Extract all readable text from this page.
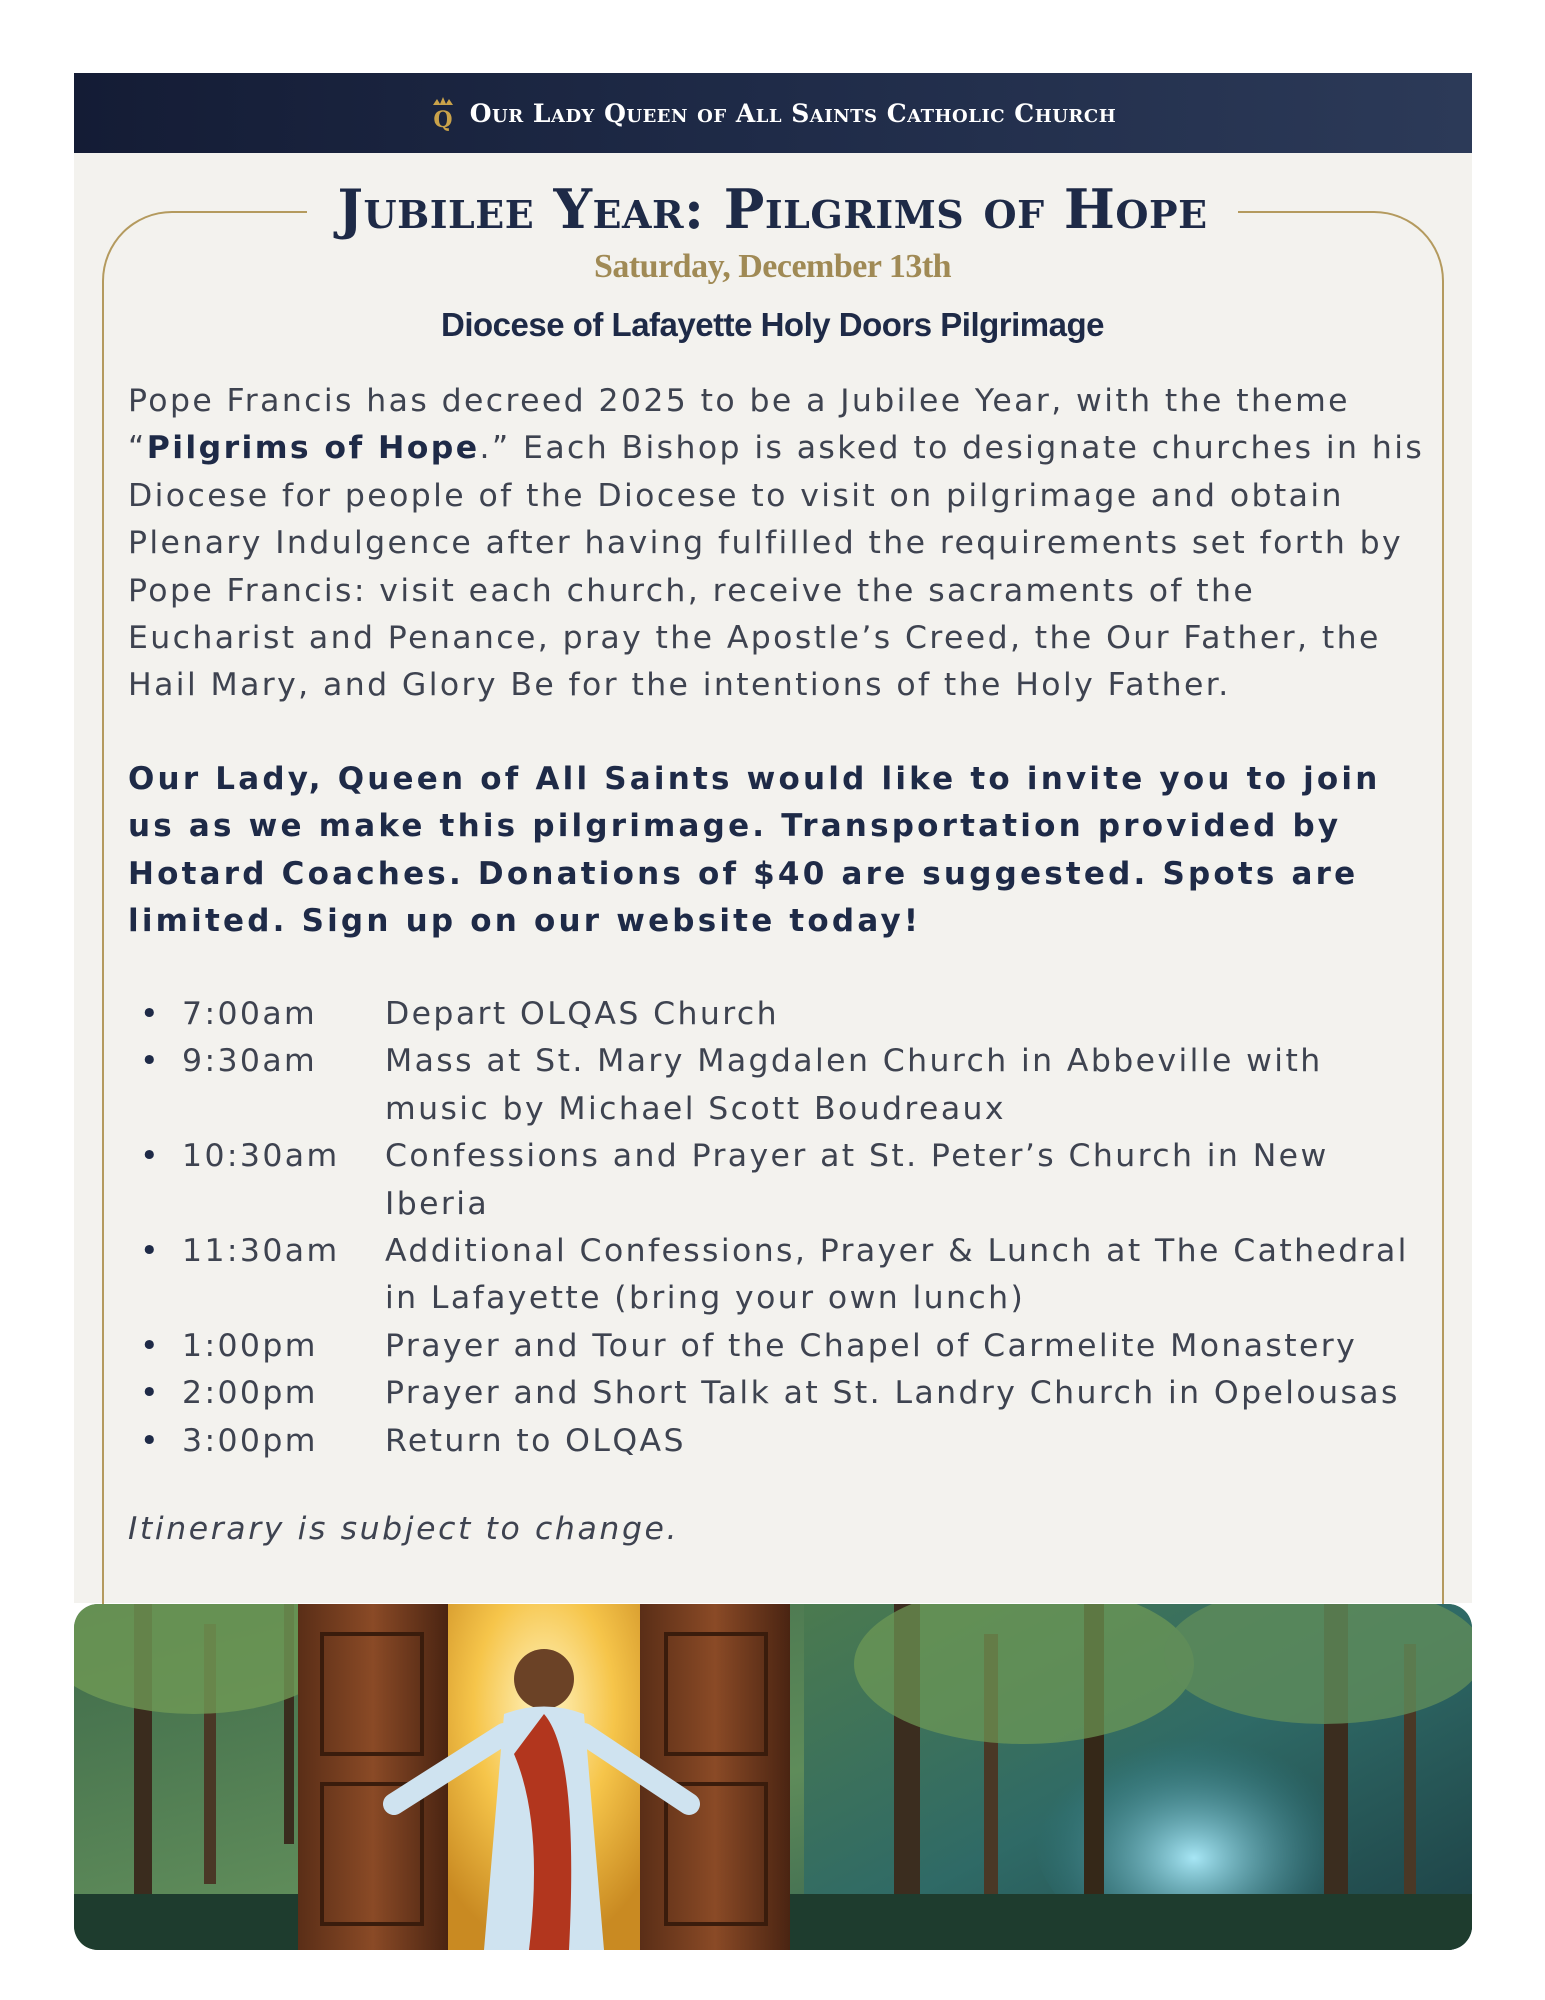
Q Our Lady Queen of All Saints Catholic Church
Jubilee Year: Pilgrims of Hope
Saturday, December 13th
Diocese of Lafayette Holy Doors Pilgrimage

Pope Francis has decreed 2025 to be a Jubilee Year, with the theme “Pilgrims of Hope.” Each Bishop is asked to designate churches in his Diocese for people of the Diocese to visit on pilgrimage and obtain Plenary Indulgence after having fulfilled the requirements set forth by Pope Francis: visit each church, receive the sacraments of the Eucharist and Penance, pray the Apostle’s Creed, the Our Father, the Hail Mary, and Glory Be for the intentions of the Holy Father.

Our Lady, Queen of All Saints would like to invite you to join us as we make this pilgrimage. Transportation provided by Hotard Coaches. Donations of $40 are suggested. Spots are limited. Sign up on our website today!

• 7:00am	Depart OLQAS Church
• 9:30am	Mass at St. Mary Magdalen Church in Abbeville with music by Michael Scott Boudreaux
• 10:30am	Confessions and Prayer at St. Peter’s Church in New Iberia
• 11:30am	Additional Confessions, Prayer & Lunch at The Cathedral in Lafayette (bring your own lunch)
• 1:00pm	Prayer and Tour of the Chapel of Carmelite Monastery
• 2:00pm	Prayer and Short Talk at St. Landry Church in Opelousas
• 3:00pm	Return to OLQAS

Itinerary is subject to change.
